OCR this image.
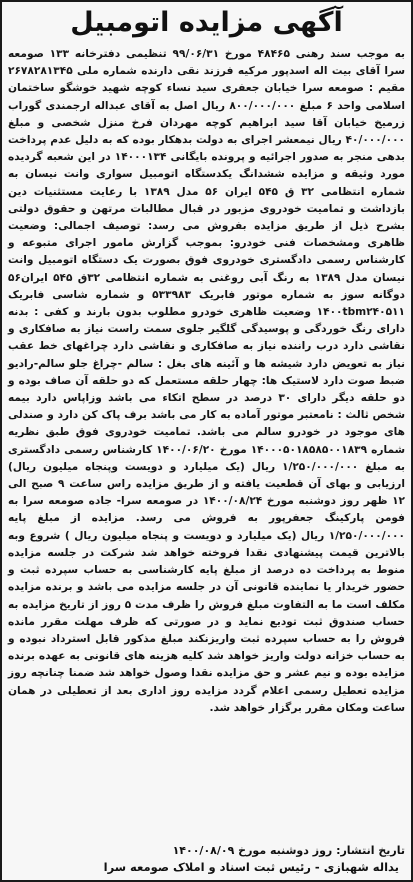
آگهی مزایده اتومبیل

به موجب سند رهنی ۴۸۴۶۵ مورخ ۹۹/۰۶/۳۱ تنظیمی دفترخانه ۱۳۳ صومعه سرا آقای بیت اله اسدپور مرکیه فرزند نقی دارنده شماره ملی ۲۶۷۸۲۸۱۳۴۵ مقیم : صومعه سرا خیابان جعفری سید نساء کوچه شهید خوشگو ساختمان اسلامی واحد ۶ مبلغ ۸۰۰/۰۰۰/۰۰۰ ریال اصل به آقای عبداله ارجمندی گوراب زرمیخ خیابان آقا سید ابراهیم کوچه مهردان فرخ منزل شخصی و مبلغ ۴۰/۰۰۰/۰۰۰ ریال نیمعشر اجرای به دولت بدهکار بوده که به دلیل عدم پرداخت بدهی منجر به صدور اجرائیه و پرونده بایگانی ۱۴۰۰۰۱۳۴ در این شعبه گردیده مورد وثیقه و مزایده ششدانگ یکدستگاه اتومبیل سواری وانت نیسان به شماره انتظامی ۳۲ ق ۵۴۵ ایران ۵۶ مدل ۱۳۸۹ با رعایت مستثنیات دین بازداشت و تمامیت خودروی مزبور در قبال مطالبات مرتهن و حقوق دولتی بشرح ذیل از طریق مزایده بفروش می رسد: توصیف اجمالی: وضعیت ظاهری ومشخصات فنی خودرو: بموجب گزارش مامور اجرای متبوعه و کارشناس رسمی دادگستری خودروی فوق بصورت یک دستگاه اتومبیل وانت نیسان مدل ۱۳۸۹ به رنگ آبی روغنی به شماره انتظامی ۳۲ق ۵۴۵ ایران۵۶ دوگانه سوز به شماره موتور فابریک ۵۳۳۹۸۳ و شماره شاسی فابریک ۱۴۰۰tbm۲۴۰۵۱۱ وضعیت ظاهری خودرو مطلوب بدون بارند و کفی : بدنه دارای رنگ خوردگی و پوسیدگی گلگیر جلوی سمت راست نیاز به صافکاری و نقاشی دارد درب راننده نیاز به صافکاری و نقاشی دارد چراغهای خط عقب نیاز به تعویض دارد شیشه ها و آئینه های بغل : سالم -چراغ جلو سالم-رادیو ضبط صوت دارد لاستیک ها: چهار حلقه مستعمل که دو حلقه آن صاف بوده و دو حلقه دیگر دارای ۳۰ درصد در سطح اتکاء می باشد وزاپاس دارد بیمه شخص ثالث : نامعتبر موتور آماده به کار می باشد برف پاک کن دارد و صندلی های موجود در خودرو سالم می باشد. تمامیت خودروی فوق طبق نظریه شماره ۱۴۰۰۰۵۰۱۸۵۸۵۰۰۱۸۳۹ مورخ ۱۴۰۰/۰۶/۲۰ کارشناس رسمی دادگستری به مبلغ ۱/۲۵۰/۰۰۰/۰۰۰ ریال (یک میلیارد و دویست وپنجاه میلیون ریال) ارزیابی و بهای آن قطعیت یافته و از طریق مزایده راس ساعت ۹ صبح الی ۱۲ ظهر روز دوشنبه مورخ ۱۴۰۰/۰۸/۲۴ در صومعه سرا- جاده صومعه سرا به فومن پارکینگ جعفرپور به فروش می رسد. مزایده از مبلغ پایه ۱/۲۵۰/۰۰۰/۰۰۰ ریال (یک میلیارد و دویست و پنجاه میلیون ریال ) شروع وبه بالاترین قیمت پیشنهادی نقدا فروخته خواهد شد شرکت در جلسه مزایده منوط به پرداخت ده درصد از مبلغ پایه کارشناسی به حساب سپرده ثبت و حضور خریدار یا نماینده قانونی آن در جلسه مزایده می باشد و برنده مزایده مکلف است ما به التفاوت مبلغ فروش را ظرف مدت ۵ روز از تاریخ مزایده به حساب صندوق ثبت تودیع نماید و در صورتی که ظرف مهلت مقرر مانده فروش را به حساب سپرده ثبت واریزنکند مبلغ مذکور قابل استرداد نبوده و به حساب خزانه دولت واریز خواهد شد کلیه هزینه های قانونی به عهده برنده مزایده بوده و نیم عشر و حق مزایده نقدا وصول خواهد شد ضمنا چنانچه روز مزایده تعطیل رسمی اعلام گردد مزایده روز اداری بعد از تعطیلی در همان ساعت ومکان مقرر برگزار خواهد شد.

تاریخ انتشار: روز دوشنبه مورخ ۱۴۰۰/۰۸/۰۹
یداله شهبازی - رئیس ثبت اسناد و املاک صومعه سرا
